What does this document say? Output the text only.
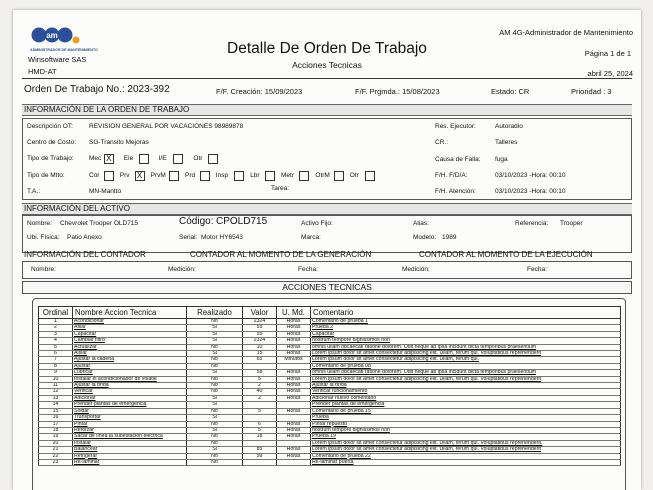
am
ADMINISTRADOR DE MANTENIMIENTO
Winsoftware SAS
HMD-AT
Detalle De Orden De Trabajo
Acciones Tecnicas
AM 4G-Administrador de Mantenimiento
Página 1 de 1
abril 25, 2024
Orden De Trabajo No.: 2023-392	F/F. Creación: 15/09/2023	F/F. Prgmda.: 15/08/2023	Estado: CR	Prioridad : 3
INFORMACIÓN DE LA ORDEN DE TRABAJO
Descripción OT: REVISION GENERAL POR VACACIONES 98989878
Centro de Costo: SG-Transito Mejoras
Tipo de Trabajo:
Tipo de Mtto:
T.A.:	MN-Mantto	Tarea:
Res. Ejecutor:	Autoradio
CR.:	Talleres
Causa de Falla: fuga
F/H. F/D/A:	03/10/2023 -Hora: 00:10
F/H. Atención:	03/10/2023 -Hora: 00:10
INFORMACIÓN DEL ACTIVO
Nombre: Chevrolet Trooper OLD715	Código: CPOLD715	Activo Fijo:	Alias:	Referencia: Trooper
Ubi. Física: Patio Anexo	Serial: Motor HY6543	Marca:	Modelo: 1989
INFORMACIÓN DEL CONTADOR	CONTADOR AL MOMENTO DE LA GENERACIÓN	CONTADOR AL MOMENTO DE LA EJECUCIÓN
Nombre:	Medición:	Fecha:	Medición:	Fecha:
ACCIONES TECNICAS
Ordinal	Nombre Accion Tecnica	Realizado	Valor	U. Md.	Comentario
1	Acondicionar	No	2324	Horas	Comentario de prueba 1
2	Afilar	Si	55	Horas	Prueba 2
3	Capacitar	Si	55	Horas	Capacitar
4	Cambiar filtro	Si	2324	Horas	nostrum tempore dignissimos non
5	Actualizar	No	10	Horas	omnis ullam obcaecati ratione dolorem. Odit neque ab ipsa incidunt dicta temporibus praesentium
6	Aislar	Si	15	Horas	Lorem ipsum dolor sit amet consectetur adipisicing elit. Ullam, rerum qui. Voluptatibus reprehenderit
7	Ajustar la cadena	No	65	Minutos	Lorem ipsum dolor sit amet consectetur adipisicing elit. Ullam, rerum qui.
8	Ajustar	No			Comentario de prueba 08
9	Lubricar	Si	58	Horas	omnis ullam obcaecati ratione dolorem. Odit neque ab ipsa incidunt dicta temporibus praesentium
10	Instalar el acondicionador de volatie	No	5	Horas	Lorem ipsum dolor sit amet consectetur adipisicing elit. Ullam, rerum qui. Voluptatibus reprehenderit
11	Ajustar la brida	No	2	Horas	Ajustar la brida
12	Verificar	No	40	Horas	Verificar funcionamiento
13	Adicionar	Si	2	Horas	Adicionar nuevo comentario
14	Prender plantas de emergencia	Si			Prender plantas de emergencia
15	Soldar	No	5	Horas	Comentario de prueba 15
16	Transportar	Si			Prueba
17	Pintar	No	6	Horas	Pintar repuesto
18	Reforzar	Si	5	Horas	nostrum tempore dignissimos non
19	Sacar de línea la subestacion electrica	No	18	Horas	Prueba 19
20	Instalar	No			Lorem ipsum dolor sit amet consectetur adipisicing elit. Ullam, rerum qui. Voluptatibus reprehenderit.
21	Balancear	Si	85	Horas	Lorem ipsum dolor sit amet consectetur adipisicing elit. Ullam, rerum qui. Voluptatibus reprehenderit
22	Refrigerar	No	99	Horas	Comentario de prueba 22
23	Re-laminar	No			Re-laminar puerta
Mec X	Ele	I/E	Otr
Cor	Prv X	PrvM	Prd	Insp	Lbr	Metr	OtrM	Otr
